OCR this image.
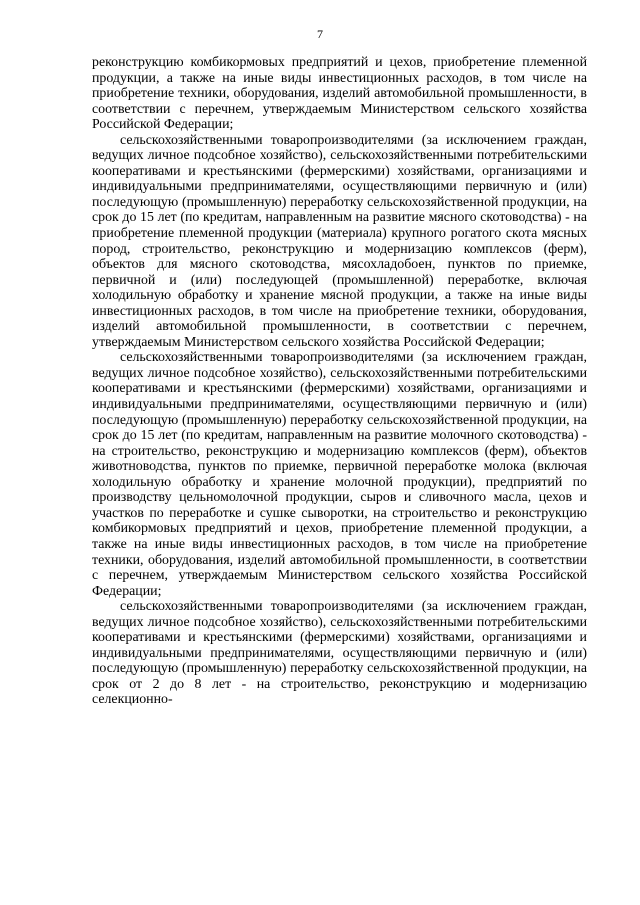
7

реконструкцию комбикормовых предприятий и цехов, приобретение племенной продукции, а также на иные виды инвестиционных расходов, в том числе на приобретение техники, оборудования, изделий автомобильной промышленности, в соответствии с перечнем, утверждаемым Министерством сельского хозяйства Российской Федерации;

сельскохозяйственными товаропроизводителями (за исключением граждан, ведущих личное подсобное хозяйство), сельскохозяйственными потребительскими кооперативами и крестьянскими (фермерскими) хозяйствами, организациями и индивидуальными предпринимателями, осуществляющими первичную и (или) последующую (промышленную) переработку сельскохозяйственной продукции, на срок до 15 лет (по кредитам, направленным на развитие мясного скотоводства) - на приобретение племенной продукции (материала) крупного рогатого скота мясных пород, строительство, реконструкцию и модернизацию комплексов (ферм), объектов для мясного скотоводства, мясохладобоен, пунктов по приемке, первичной и (или) последующей (промышленной) переработке, включая холодильную обработку и хранение мясной продукции, а также на иные виды инвестиционных расходов, в том числе на приобретение техники, оборудования, изделий автомобильной промышленности, в соответствии с перечнем, утверждаемым Министерством сельского хозяйства Российской Федерации;

сельскохозяйственными товаропроизводителями (за исключением граждан, ведущих личное подсобное хозяйство), сельскохозяйственными потребительскими кооперативами и крестьянскими (фермерскими) хозяйствами, организациями и индивидуальными предпринимателями, осуществляющими первичную и (или) последующую (промышленную) переработку сельскохозяйственной продукции, на срок до 15 лет (по кредитам, направленным на развитие молочного скотоводства) - на строительство, реконструкцию и модернизацию комплексов (ферм), объектов животноводства, пунктов по приемке, первичной переработке молока (включая холодильную обработку и хранение молочной продукции), предприятий по производству цельномолочной продукции, сыров и сливочного масла, цехов и участков по переработке и сушке сыворотки, на строительство и реконструкцию комбикормовых предприятий и цехов, приобретение племенной продукции, а также на иные виды инвестиционных расходов, в том числе на приобретение техники, оборудования, изделий автомобильной промышленности, в соответствии с перечнем, утверждаемым Министерством сельского хозяйства Российской Федерации;

сельскохозяйственными товаропроизводителями (за исключением граждан, ведущих личное подсобное хозяйство), сельскохозяйственными потребительскими кооперативами и крестьянскими (фермерскими) хозяйствами, организациями и индивидуальными предпринимателями, осуществляющими первичную и (или) последующую (промышленную) переработку сельскохозяйственной продукции, на срок от 2 до 8 лет - на строительство, реконструкцию и модернизацию селекционно-
